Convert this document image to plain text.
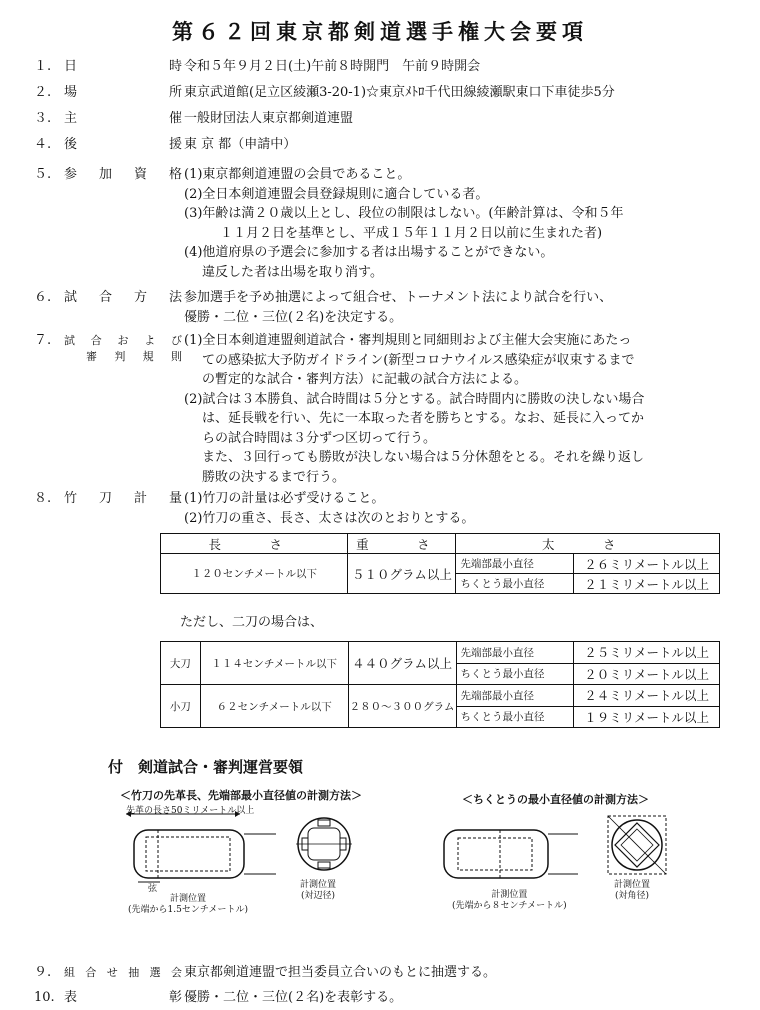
第６２回東京都剣道選手権大会要項
１. 日時 令和５年９月２日(土)午前８時開門　午前９時開会
２. 場所 東京武道館(足立区綾瀬3-20-1)☆東京ﾒﾄﾛ千代田線綾瀬駅東口下車徒歩5分
３. 主催 一般財団法人東京都剣道連盟
４. 後援 東 京 都（申請中）
５. 参加資格 (1)東京都剣道連盟の会員であること。
(2)全日本剣道連盟会員登録規則に適合している者。
(3)年齢は満２０歳以上とし、段位の制限はしない。(年齢計算は、令和５年
１１月２日を基準とし、平成１５年１１月２日以前に生まれた者)
(4)他道府県の予選会に参加する者は出場することができない。
違反した者は出場を取り消す。
６. 試合方法 参加選手を予め抽選によって組合せ、トーナメント法により試合を行い、
優勝・二位・三位(２名)を決定する。
７.	試合および
審判規則
(1)全日本剣道連盟剣道試合・審判規則と同細則および主催大会実施にあたっ
ての感染拡大予防ガイドライン(新型コロナウイルス感染症が収束するまで
の暫定的な試合・審判方法）に記載の試合方法による。
(2)試合は３本勝負、試合時間は５分とする。試合時間内に勝敗の決しない場合
は、延長戦を行い、先に一本取った者を勝ちとする。なお、延長に入ってか
らの試合時間は３分ずつ区切って行う。
また、３回行っても勝敗が決しない場合は５分休憩をとる。それを繰り返し
勝敗の決するまで行う。
８. 竹刀計量 (1)竹刀の計量は必ず受けること。
(2)竹刀の重さ、長さ、太さは次のとおりとする。
長　さ	重　さ	太　さ	
１２０センチメートル以下	５１０グラム以上	先端部最小直径	２６ミリメートル以上
		ちくとう最小直径	２１ミリメートル以上
ただし、二刀の場合は、
大刀	１１４センチメートル以下	４４０グラム以上	先端部最小直径	２５ミリメートル以上
			ちくとう最小直径	２０ミリメートル以上
小刀	６２センチメートル以下	２８０～３００グラム	先端部最小直径	２４ミリメートル以上
			ちくとう最小直径	１９ミリメートル以上
付　剣道試合・審判運営要領
＜竹刀の先革長、先端部最小直径値の計測方法＞	＜ちくとうの最小直径値の計測方法＞
先革の長さ50ミリメートル以上
弦
計測位置
(先端から1.5センチメートル)
計測位置
(対辺径)	計測位置
(先端から８センチメートル)
計測位置
(対角径)
９.	組合せ抽選会 東京都剣道連盟で担当委員立合いのもとに抽選する。
10. 表彰 優勝・二位・三位(２名)を表彰する。
